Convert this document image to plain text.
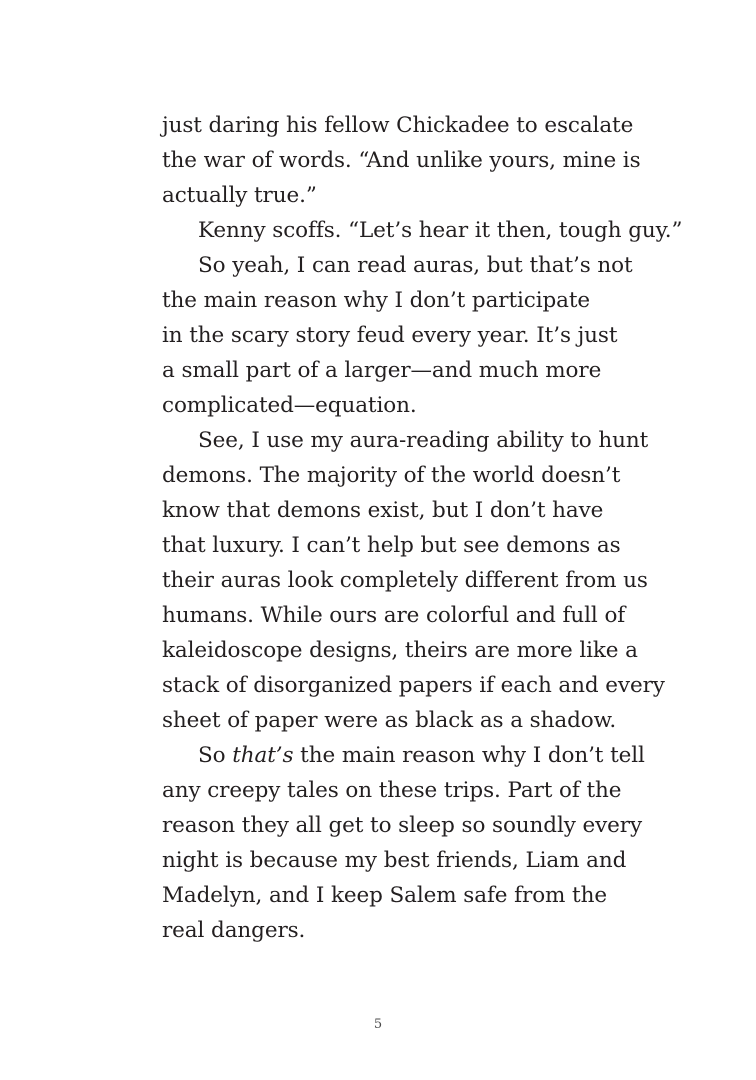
just daring his fellow Chickadee to escalate
the war of words. “And unlike yours, mine is
actually true.”
Kenny scoffs. “Let’s hear it then, tough guy.”
So yeah, I can read auras, but that’s not
the main reason why I don’t participate
in the scary story feud every year. It’s just
a small part of a larger—and much more
complicated—equation.
See, I use my aura-reading ability to hunt
demons. The majority of the world doesn’t
know that demons exist, but I don’t have
that luxury. I can’t help but see demons as
their auras look completely different from us
humans. While ours are colorful and full of
kaleidoscope designs, theirs are more like a
stack of disorganized papers if each and every
sheet of paper were as black as a shadow.
So that’s the main reason why I don’t tell
any creepy tales on these trips. Part of the
reason they all get to sleep so soundly every
night is because my best friends, Liam and
Madelyn, and I keep Salem safe from the
real dangers.
5
